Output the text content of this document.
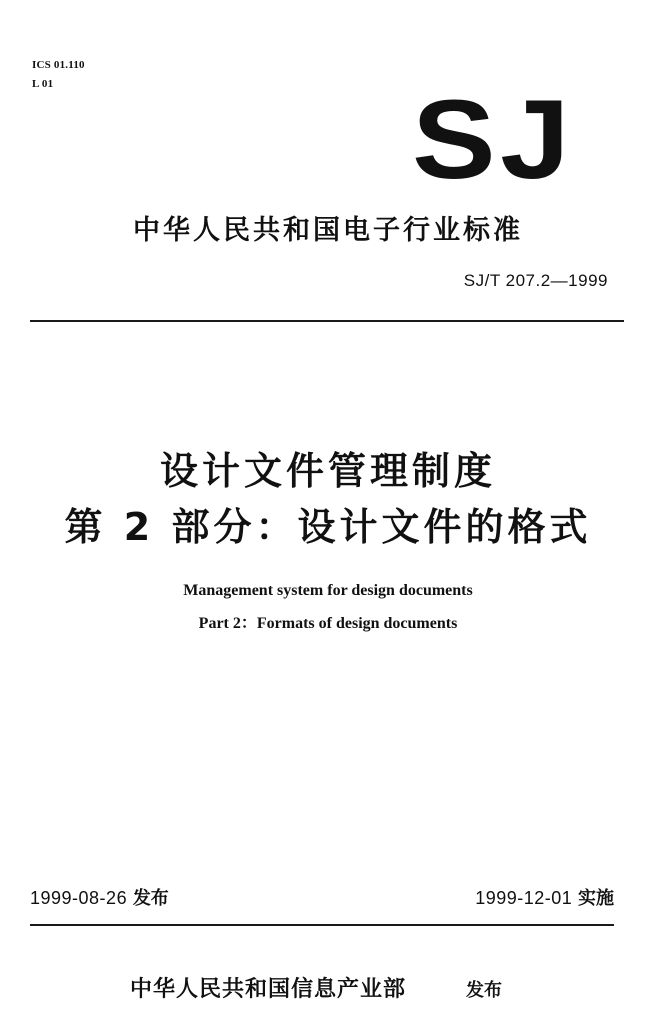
ICS 01.110
L 01	SJ
中华人民共和国电子行业标准
SJ/T 207.2—1999
设计文件管理制度
第 2 部分：设计文件的格式
Management system for design documents
Part 2：Formats of design documents
1999-08-26 发布	1999-12-01 实施
中华人民共和国信息产业部	发布
